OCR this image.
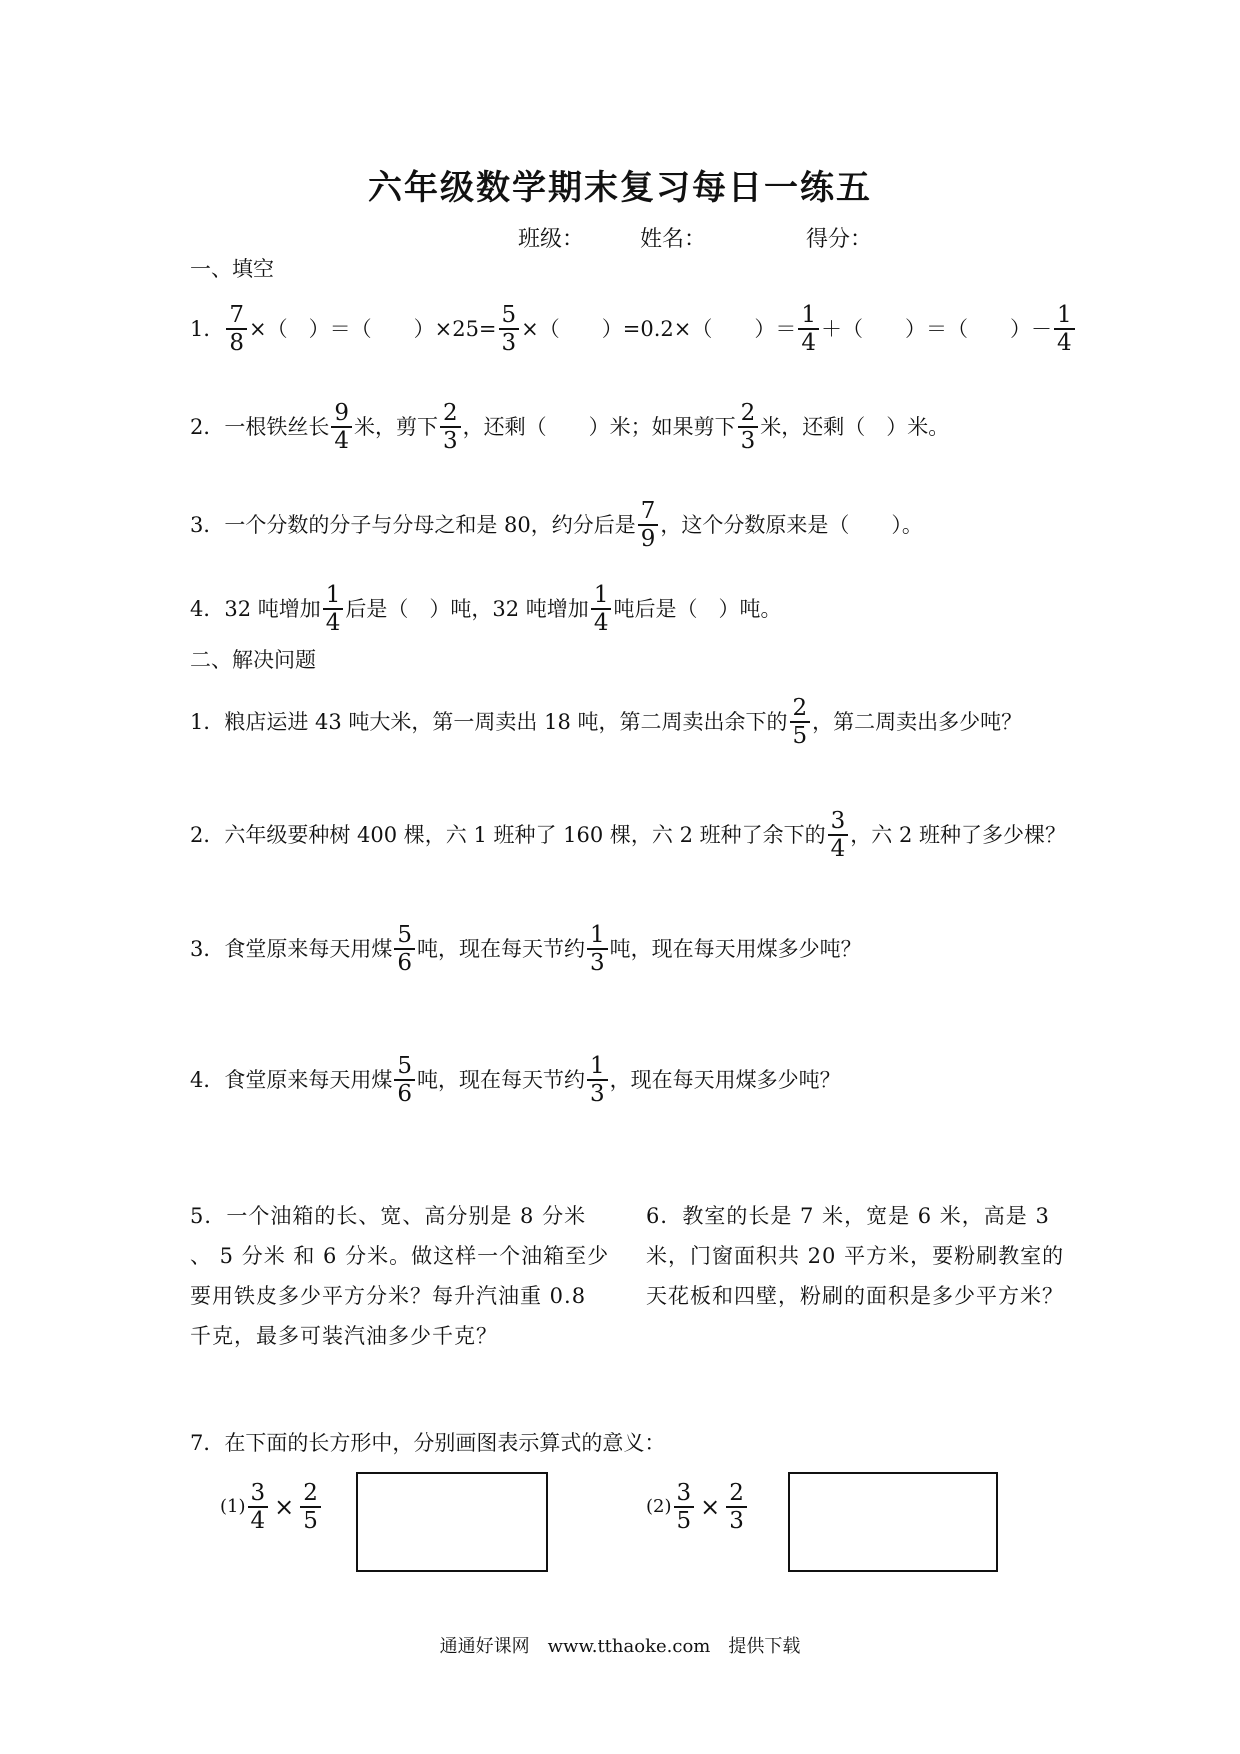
六年级数学期末复习每日一练五
班级：	姓名：	得分：
一、填空
1． $\frac{7}{8}$ ×（　）＝（　　）$\times 25= \frac{5}{3}$ ×（　　）=0.2×（　　）＝ $\frac{1}{4}$ ＋（　　）＝（　　）－ $\frac{1}{4}$
2．一根铁丝长 $\frac{9}{4}$ 米，剪下 $\frac{2}{3}$ ，还剩（　　）米；如果剪下 $\frac{2}{3}$ 米，还剩（　）米。
3．一个分数的分子与分母之和是 80，约分后是 $\frac{7}{9}$ ，这个分数原来是（　　）。
4．32 吨增加 $\frac{1}{4}$ 后是（　）吨，32 吨增加 $\frac{1}{4}$ 吨后是（　）吨。
二、解决问题
1．粮店运进 43 吨大米，第一周卖出 18 吨，第二周卖出余下的 $\frac{2}{5}$ ，第二周卖出多少吨？
2．六年级要种树 400 棵，六 1 班种了 160 棵，六 2 班种了余下的 $\frac{3}{4}$ ，六 2 班种了多少棵？
3．食堂原来每天用煤 $\frac{5}{6}$ 吨，现在每天节约 $\frac{1}{3}$ 吨，现在每天用煤多少吨？
4．食堂原来每天用煤 $\frac{5}{6}$ 吨，现在每天节约 $\frac{1}{3}$ ，现在每天用煤多少吨？
5．一个油箱的长、宽、高分别是 8 分米 、 5 分米 和 6 分米。做这样一个油箱至少要用铁皮多少平方分米？每升汽油重 0.8 千克，最多可装汽油多少千克？
6．教室的长是 7 米，宽是 6 米，高是 3 米，门窗面积共 20 平方米，要粉刷教室的天花板和四壁，粉刷的面积是多少平方米？
7．在下面的长方形中，分别画图表示算式的意义：
$(1) \frac{3}{4} \times \frac{2}{5}$	$(2) \frac{3}{5} \times \frac{2}{3}$
通通好课网　www.tthaoke.com　提供下载
